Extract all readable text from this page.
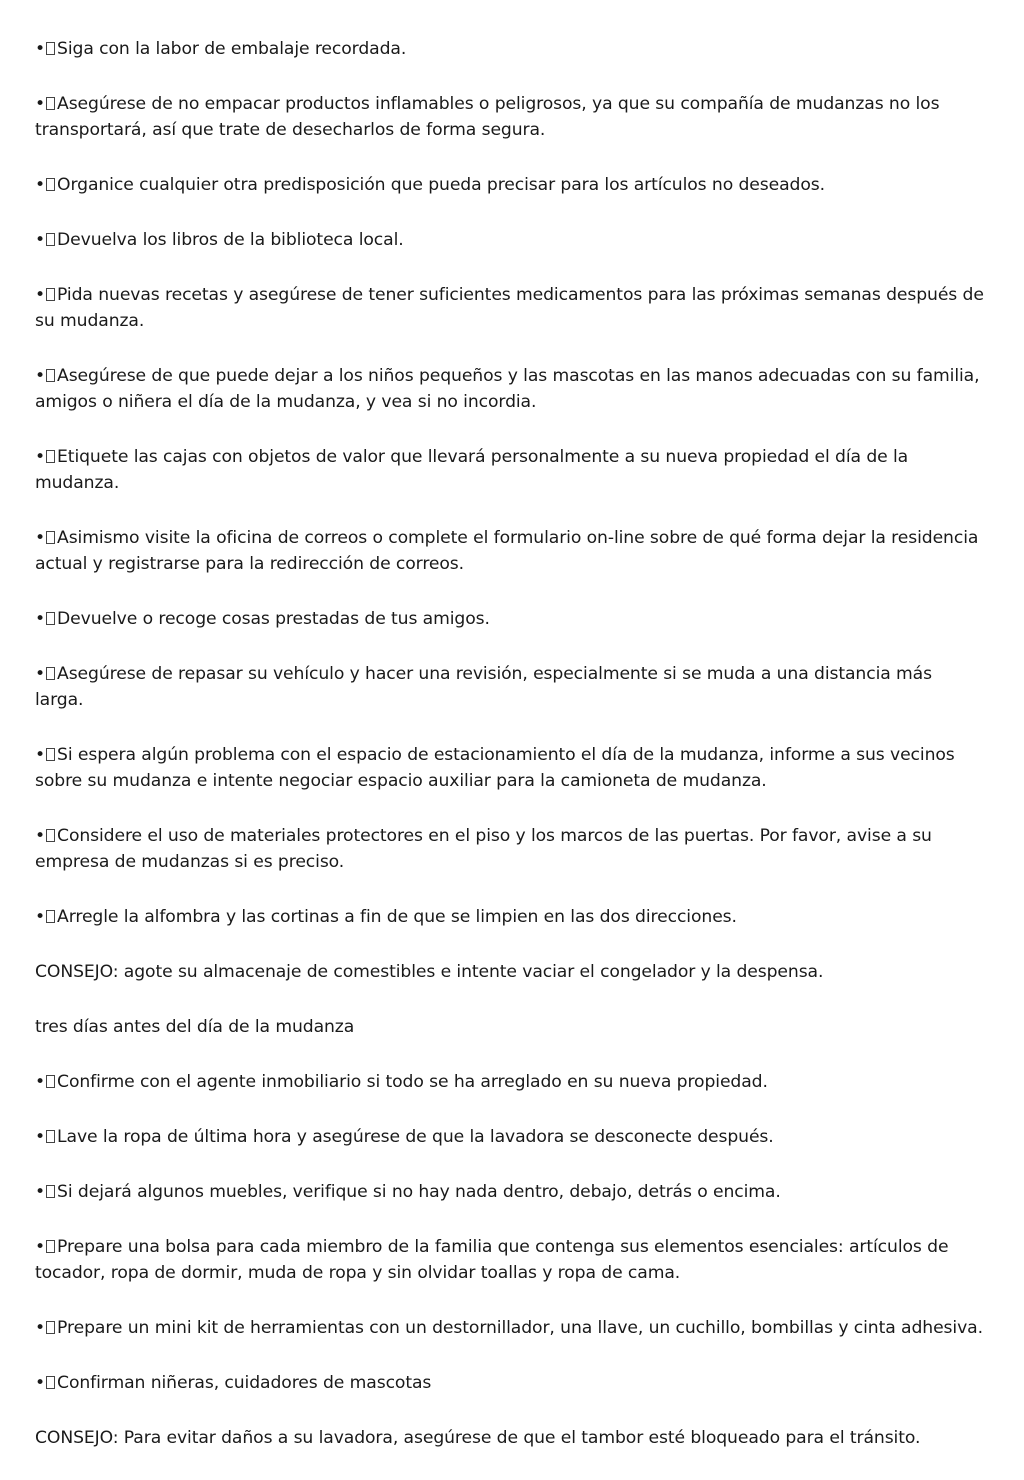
• Siga con la labor de embalaje recordada.

• Asegúrese de no empacar productos inflamables o peligrosos, ya que su compañía de mudanzas no los transportará, así que trate de desecharlos de forma segura.

• Organice cualquier otra predisposición que pueda precisar para los artículos no deseados.

• Devuelva los libros de la biblioteca local.

• Pida nuevas recetas y asegúrese de tener suficientes medicamentos para las próximas semanas después de su mudanza.

• Asegúrese de que puede dejar a los niños pequeños y las mascotas en las manos adecuadas con su familia, amigos o niñera el día de la mudanza, y vea si no incordia.

• Etiquete las cajas con objetos de valor que llevará personalmente a su nueva propiedad el día de la mudanza.

• Asimismo visite la oficina de correos o complete el formulario on-line sobre de qué forma dejar la residencia actual y registrarse para la redirección de correos.

• Devuelve o recoge cosas prestadas de tus amigos.

• Asegúrese de repasar su vehículo y hacer una revisión, especialmente si se muda a una distancia más larga.

• Si espera algún problema con el espacio de estacionamiento el día de la mudanza, informe a sus vecinos sobre su mudanza e intente negociar espacio auxiliar para la camioneta de mudanza.

• Considere el uso de materiales protectores en el piso y los marcos de las puertas. Por favor, avise a su empresa de mudanzas si es preciso.

• Arregle la alfombra y las cortinas a fin de que se limpien en las dos direcciones.

CONSEJO: agote su almacenaje de comestibles e intente vaciar el congelador y la despensa.

tres días antes del día de la mudanza

• Confirme con el agente inmobiliario si todo se ha arreglado en su nueva propiedad.

• Lave la ropa de última hora y asegúrese de que la lavadora se desconecte después.

• Si dejará algunos muebles, verifique si no hay nada dentro, debajo, detrás o encima.

• Prepare una bolsa para cada miembro de la familia que contenga sus elementos esenciales: artículos de tocador, ropa de dormir, muda de ropa y sin olvidar toallas y ropa de cama.

• Prepare un mini kit de herramientas con un destornillador, una llave, un cuchillo, bombillas y cinta adhesiva.

• Confirman niñeras, cuidadores de mascotas

CONSEJO: Para evitar daños a su lavadora, asegúrese de que el tambor esté bloqueado para el tránsito.
